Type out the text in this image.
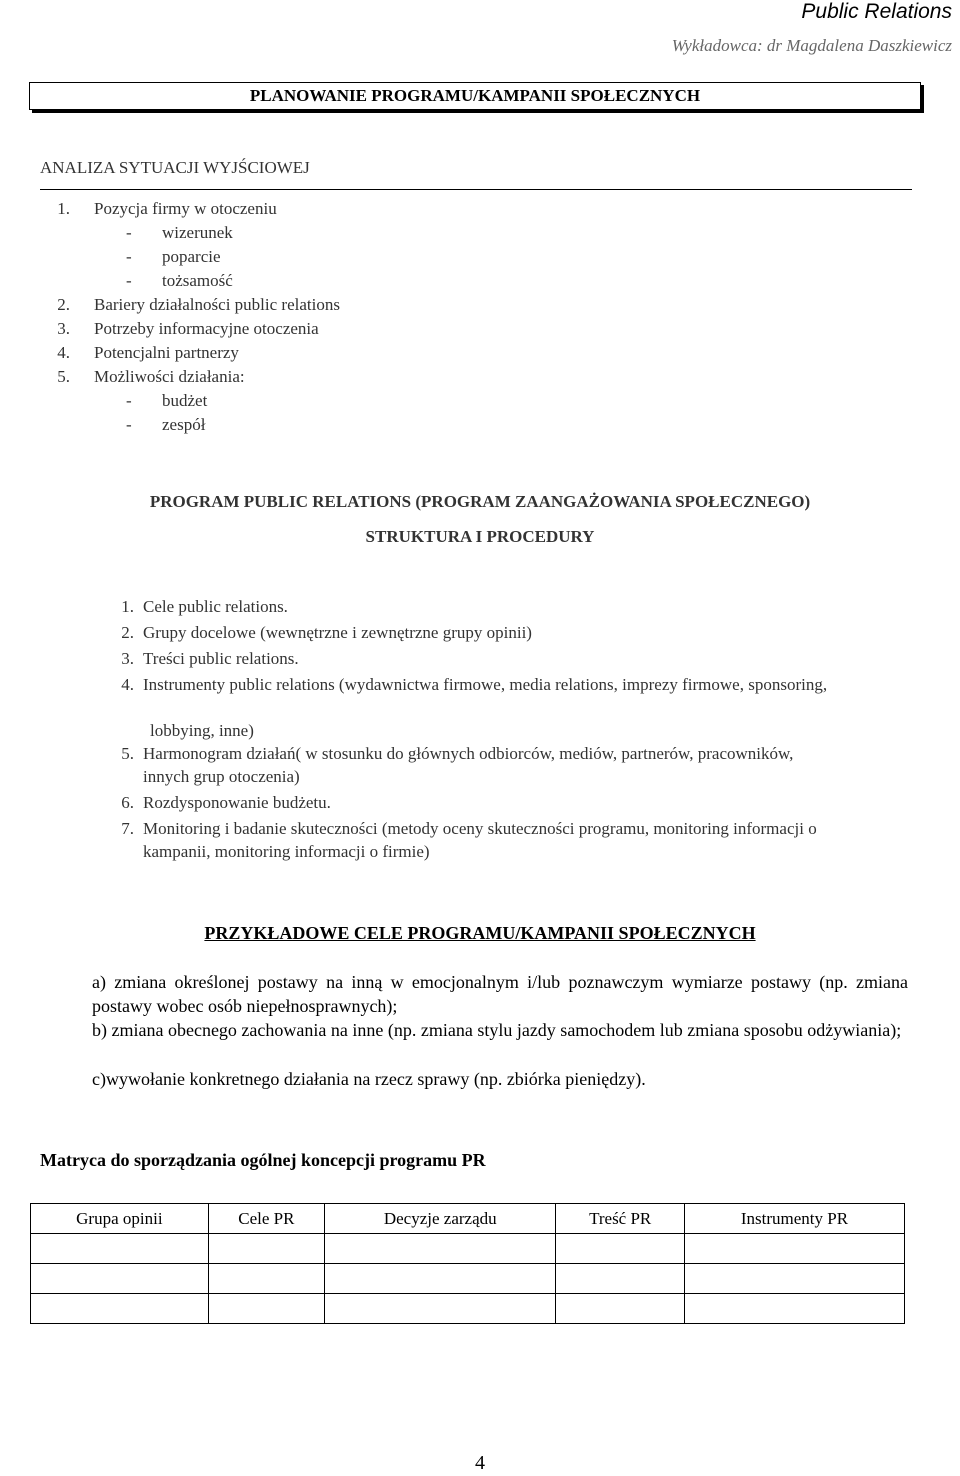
Public Relations
Wykładowca: dr Magdalena Daszkiewicz
PLANOWANIE PROGRAMU/KAMPANII SPOŁECZNYCH
ANALIZA SYTUACJI WYJŚCIOWEJ
1. Pozycja firmy w otoczeniu
- wizerunek
- poparcie
- tożsamość
2. Bariery działalności public relations
3. Potrzeby informacyjne otoczenia
4. Potencjalni partnerzy
5. Możliwości działania:
- budżet
- zespół
PROGRAM PUBLIC RELATIONS (PROGRAM ZAANGAŻOWANIA SPOŁECZNEGO)
STRUKTURA I PROCEDURY
1. Cele public relations.
2. Grupy docelowe (wewnętrzne i zewnętrzne grupy opinii)
3. Treści public relations.
4. Instrumenty public relations (wydawnictwa firmowe, media relations, imprezy firmowe, sponsoring,
lobbying, inne)
5. Harmonogram działań( w stosunku do głównych odbiorców, mediów, partnerów, pracowników,
innych grup otoczenia)
6. Rozdysponowanie budżetu.
7. Monitoring i badanie skuteczności (metody oceny skuteczności programu, monitoring informacji o
kampanii, monitoring informacji o firmie)
PRZYKŁADOWE CELE PROGRAMU/KAMPANII SPOŁECZNYCH
a) zmiana określonej postawy na inną w emocjonalnym i/lub poznawczym wymiarze postawy (np. zmiana postawy wobec osób niepełnosprawnych);
b) zmiana obecnego zachowania na inne (np. zmiana stylu jazdy samochodem lub zmiana sposobu odżywiania);
c)wywołanie konkretnego działania na rzecz sprawy (np. zbiórka pieniędzy).
Matryca do sporządzania ogólnej koncepcji programu PR
Grupa opinii	Cele PR	Decyzje zarządu	Treść PR	Instrumenty PR

4
